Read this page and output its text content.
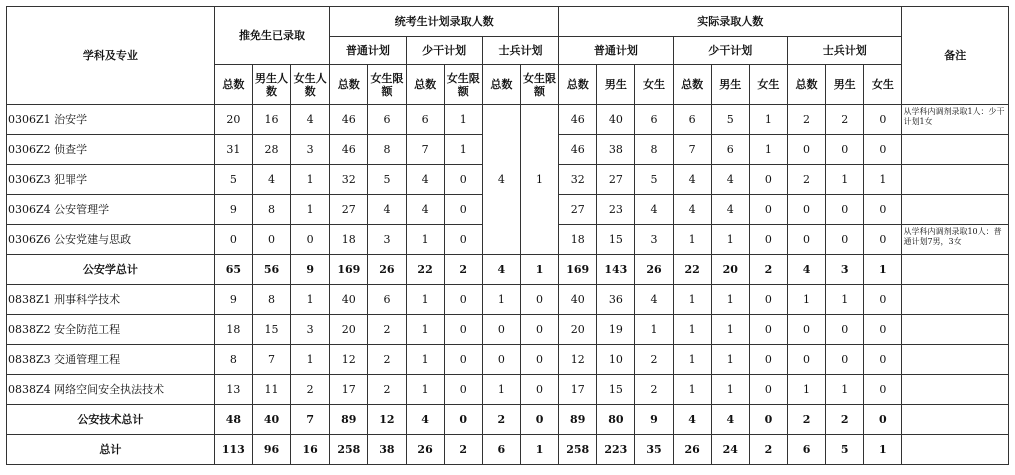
学科及专业	推免生已录取			统考生计划录取人数						实际录取人数									备注
				普通计划		少干计划		士兵计划		普通计划			少干计划			士兵计划			
	总数	男生人数	女生人数	总数	女生限额	总数	女生限额	总数	女生限额	总数	男生	女生	总数	男生	女生	总数	男生	女生	
0306Z1 治安学	20	16	4	46	6	6	1	4	1	46	40	6	6	5	1	2	2	0	从学科内调剂录取1人：少干计划1女
0306Z2 侦查学	31	28	3	46	8	7	1			46	38	8	7	6	1	0	0	0	
0306Z3 犯罪学	5	4	1	32	5	4	0			32	27	5	4	4	0	2	1	1	
0306Z4 公安管理学	9	8	1	27	4	4	0			27	23	4	4	4	0	0	0	0	
0306Z6 公安党建与思政	0	0	0	18	3	1	0			18	15	3	1	1	0	0	0	0	从学科内调剂录取10人：普通计划7男，3女
公安学总计	65	56	9	169	26	22	2	4	1	169	143	26	22	20	2	4	3	1	
0838Z1 刑事科学技术	9	8	1	40	6	1	0	1	0	40	36	4	1	1	0	1	1	0	
0838Z2 安全防范工程	18	15	3	20	2	1	0	0	0	20	19	1	1	1	0	0	0	0	
0838Z3 交通管理工程	8	7	1	12	2	1	0	0	0	12	10	2	1	1	0	0	0	0	
0838Z4 网络空间安全执法技术	13	11	2	17	2	1	0	1	0	17	15	2	1	1	0	1	1	0	
公安技术总计	48	40	7	89	12	4	0	2	0	89	80	9	4	4	0	2	2	0	
总计	113	96	16	258	38	26	2	6	1	258	223	35	26	24	2	6	5	1	
